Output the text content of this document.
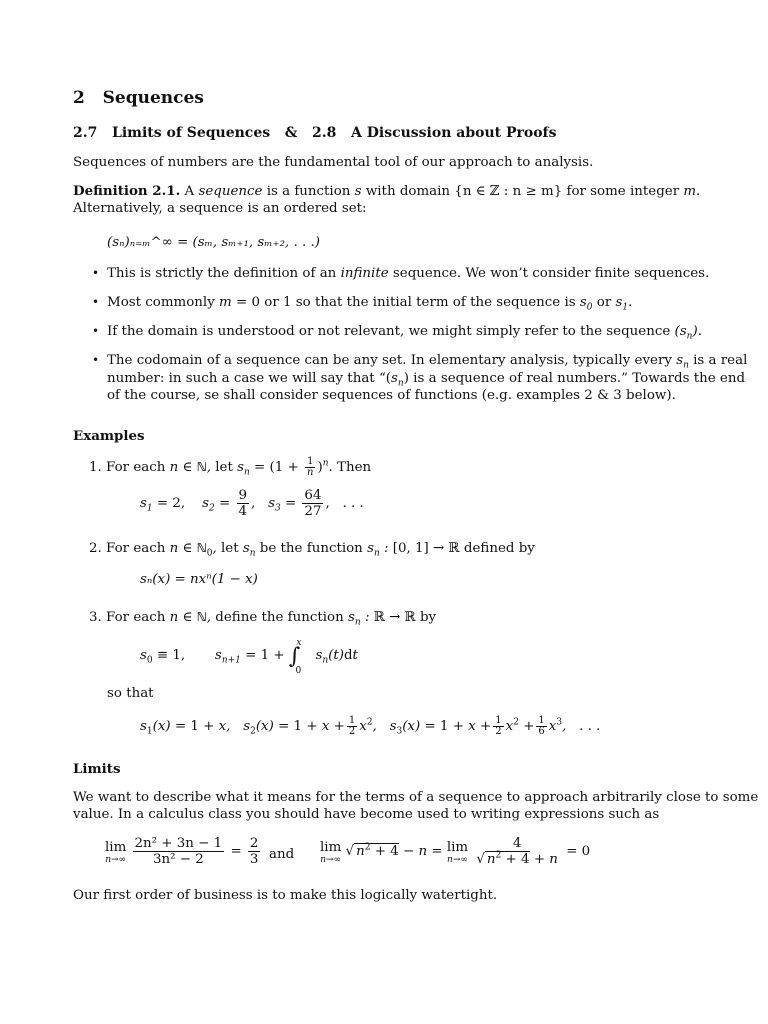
2 Sequences
2.7 Limits of Sequences & 2.8 A Discussion about Proofs
Sequences of numbers are the fundamental tool of our approach to analysis.
Definition 2.1. A sequence is a function s with domain {n ∈ ℤ : n ≥ m} for some integer m.
Alternatively, a sequence is an ordered set:
(sₙ)ₙ₌ₘ^∞ = (sₘ, sₘ₊₁, sₘ₊₂, . . .)
• This is strictly the definition of an infinite sequence. We won’t consider finite sequences.
• Most commonly m = 0 or 1 so that the initial term of the sequence is $s_0$ or $s_1$.
• If the domain is understood or not relevant, we might simply refer to the sequence $(s_n)$.
• The codomain of a sequence can be any set. In elementary analysis, typically every $s_n$ is a real
number: in such a case we will say that “$(s_n)$ is a sequence of real numbers.” Towards the end
of the course, se shall consider sequences of functions (e.g. examples 2 & 3 below).
Examples
1. For each n ∈ ℕ, let $s_n = (1 + \frac{1}{n} )^n$. Then
$s_1 = 2$,    $s_2 = \frac{9}{4}$ ,   $s_3 = \frac{64}{27}$ ,   . . .
2. For each n ∈ ℕ$_0$, let $s_n$ be the function $s_n$ : [0, 1] → ℝ defined by
sₙ(x) = nxⁿ(1 − x)
3. For each n ∈ ℕ, define the function $s_n$ : ℝ → ℝ by
$s_0 \equiv 1$,       $s_{n+1} = 1 + \int^x_0$ $s_n(t)dt$
so that
$s_1(x) = 1 + x$,   $s_2(x) = 1 + x + \frac{1}{2} x^2$,   $s_3(x) = 1 + x + \frac{1}{2} x^2 + \frac{1}{6} x^3$,   . . .
Limits
We want to describe what it means for the terms of a sequence to approach arbitrarily close to some
value. In a calculus class you should have become used to writing expressions such as
lim
n→∞
$\frac{\text{2n² + 3n − 1}}{\text{3n² − 2}} = \frac{2}{3}$ and lim
n→∞
√ $n^2 + 4 - n = \lim$
n→∞
$\frac{4}{√ n^2 + 4 + n} = 0$
Our first order of business is to make this logically watertight.
